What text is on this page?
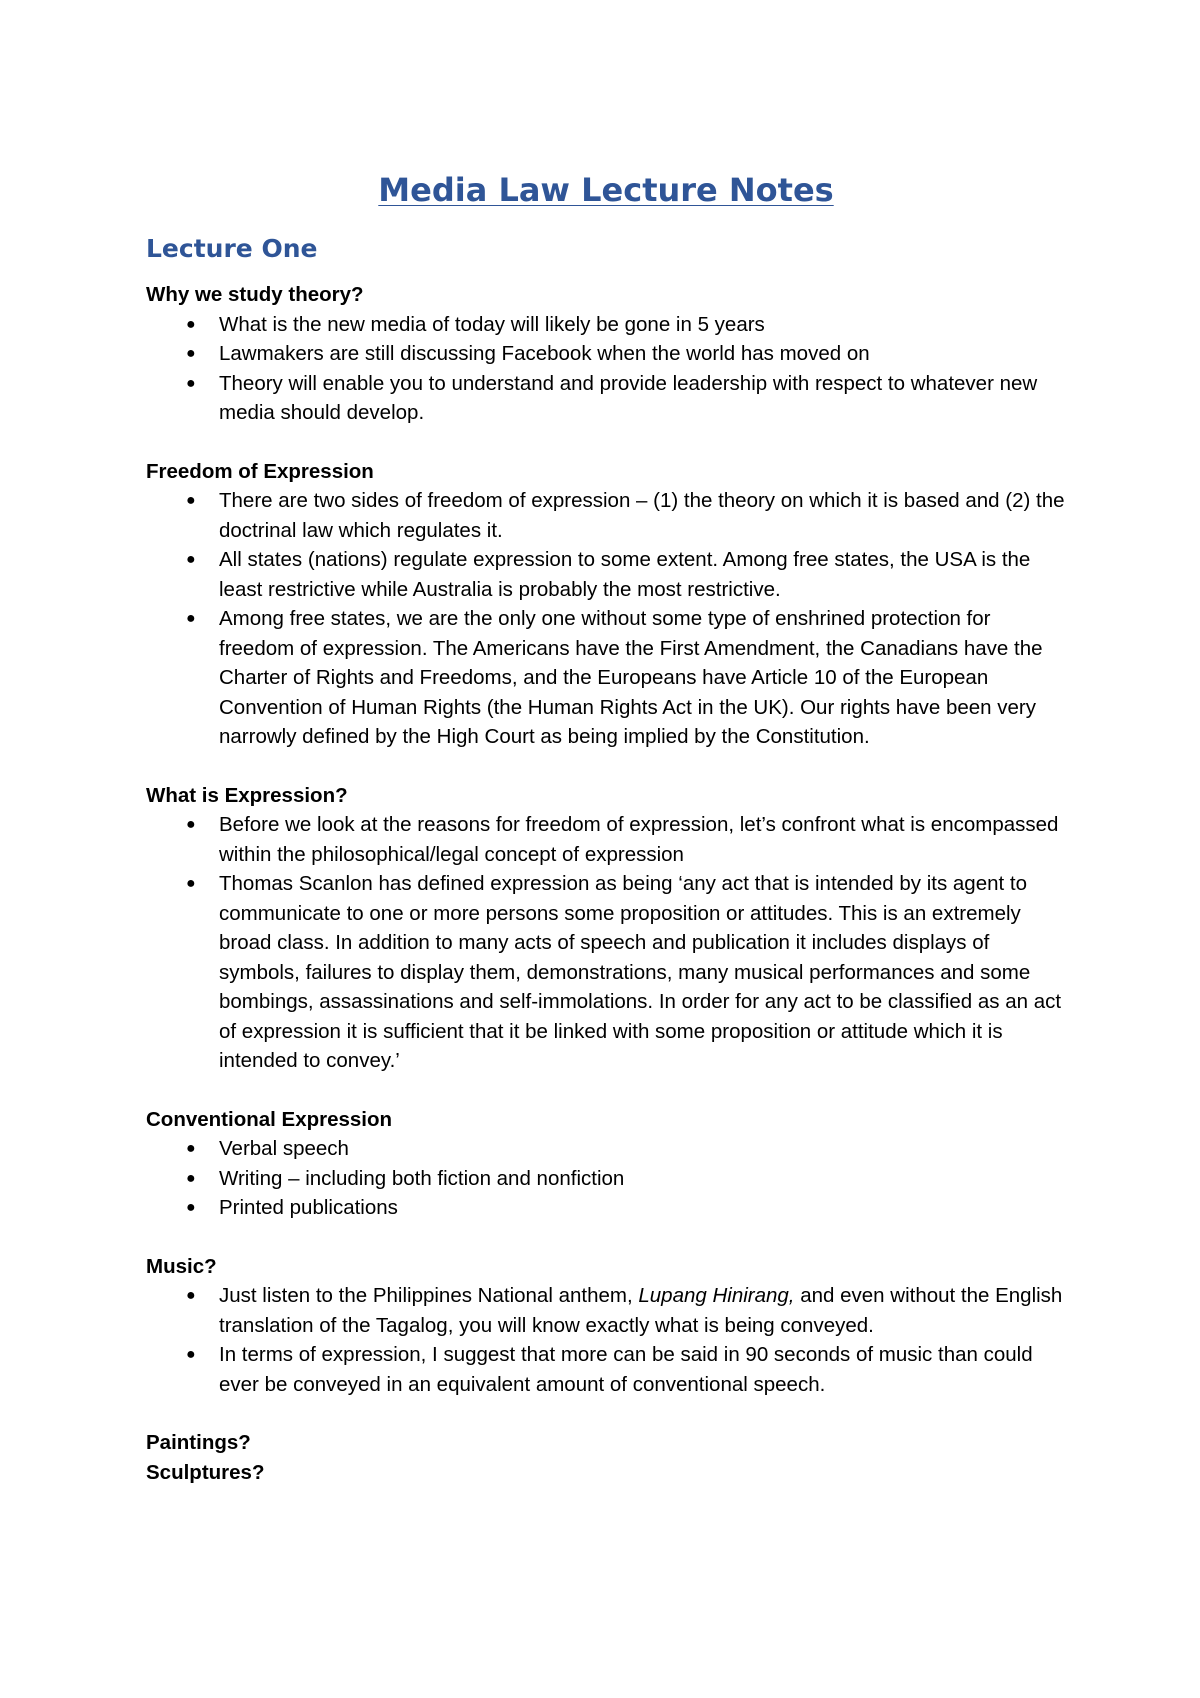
Media Law Lecture Notes
Lecture One
Why we study theory?
● What is the new media of today will likely be gone in 5 years
● Lawmakers are still discussing Facebook when the world has moved on
● Theory will enable you to understand and provide leadership with respect to whatever new media should develop.
Freedom of Expression
● There are two sides of freedom of expression – (1) the theory on which it is based and (2) the doctrinal law which regulates it.
● All states (nations) regulate expression to some extent. Among free states, the USA is the least restrictive while Australia is probably the most restrictive.
● Among free states, we are the only one without some type of enshrined protection for freedom of expression. The Americans have the First Amendment, the Canadians have the Charter of Rights and Freedoms, and the Europeans have Article 10 of the European Convention of Human Rights (the Human Rights Act in the UK). Our rights have been very narrowly defined by the High Court as being implied by the Constitution.
What is Expression?
● Before we look at the reasons for freedom of expression, let’s confront what is encompassed within the philosophical/legal concept of expression
● Thomas Scanlon has defined expression as being ‘any act that is intended by its agent to communicate to one or more persons some proposition or attitudes. This is an extremely broad class. In addition to many acts of speech and publication it includes displays of symbols, failures to display them, demonstrations, many musical performances and some bombings, assassinations and self-immolations. In order for any act to be classified as an act of expression it is sufficient that it be linked with some proposition or attitude which it is intended to convey.’
Conventional Expression
● Verbal speech
● Writing – including both fiction and nonfiction
● Printed publications
Music?
● Just listen to the Philippines National anthem, Lupang Hinirang, and even without the English translation of the Tagalog, you will know exactly what is being conveyed.
● In terms of expression, I suggest that more can be said in 90 seconds of music than could ever be conveyed in an equivalent amount of conventional speech.
Paintings?
Sculptures?
